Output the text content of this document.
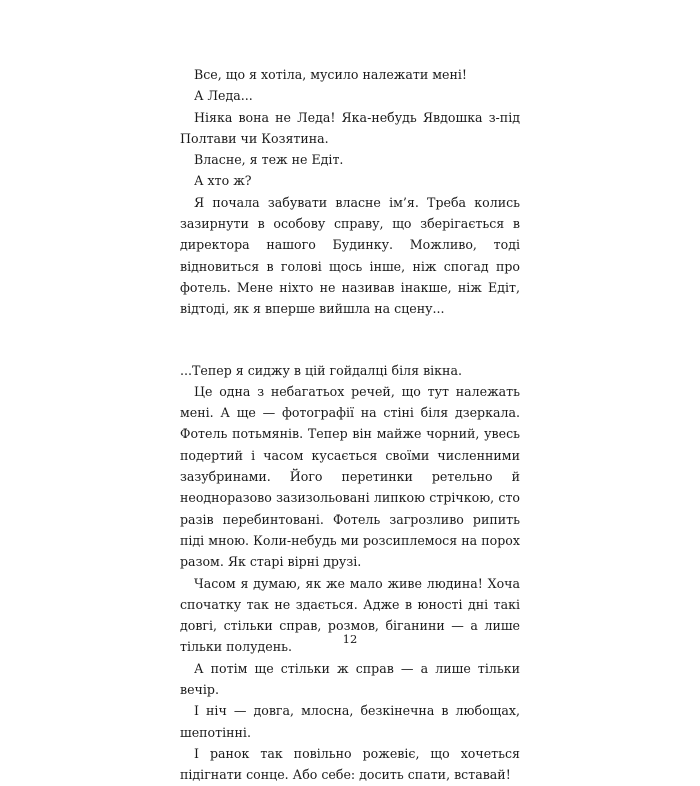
Все, що я хотіла, мусило належати мені!

А Леда...

Ніяка вона не Леда! Яка-небудь Явдошка з-під Полтави чи Козятина.

Власне, я теж не Едіт.

А хто ж?

Я почала забувати власне ім’я. Треба колись зазирнути в особову справу, що зберігається в директора нашого Будинку. Можливо, тоді відновиться в голові щось інше, ніж спогад про фотель. Мене ніхто не називав інакше, ніж Едіт, відтоді, як я вперше вийшла на сцену...

...Тепер я сиджу в цій гойдалці біля вікна.

Це одна з небагатьох речей, що тут належать мені. А ще — фотографії на стіні біля дзеркала. Фотель потьмянів. Тепер він майже чорний, увесь подертий і часом кусається своїми численними зазубринами. Його перетинки ретельно й неодноразово зазизольовані липкою стрічкою, сто разів перебинтовані. Фотель загрозливо рипить піді мною. Коли-небудь ми розсиплемося на порох разом. Як старі вірні друзі.

Часом я думаю, як же мало живе людина! Хоча спочатку так не здається. Адже в юності дні такі довгі, стільки справ, розмов, біганини — а лише тільки полудень.

А потім ще стільки ж справ — а лише тільки вечір.

І ніч — довга, млосна, безкінечна в любощах, шепотінні.

І ранок так повільно рожевіє, що хочеться підігнати сонце. Або себе: досить спати, вставай!

12
